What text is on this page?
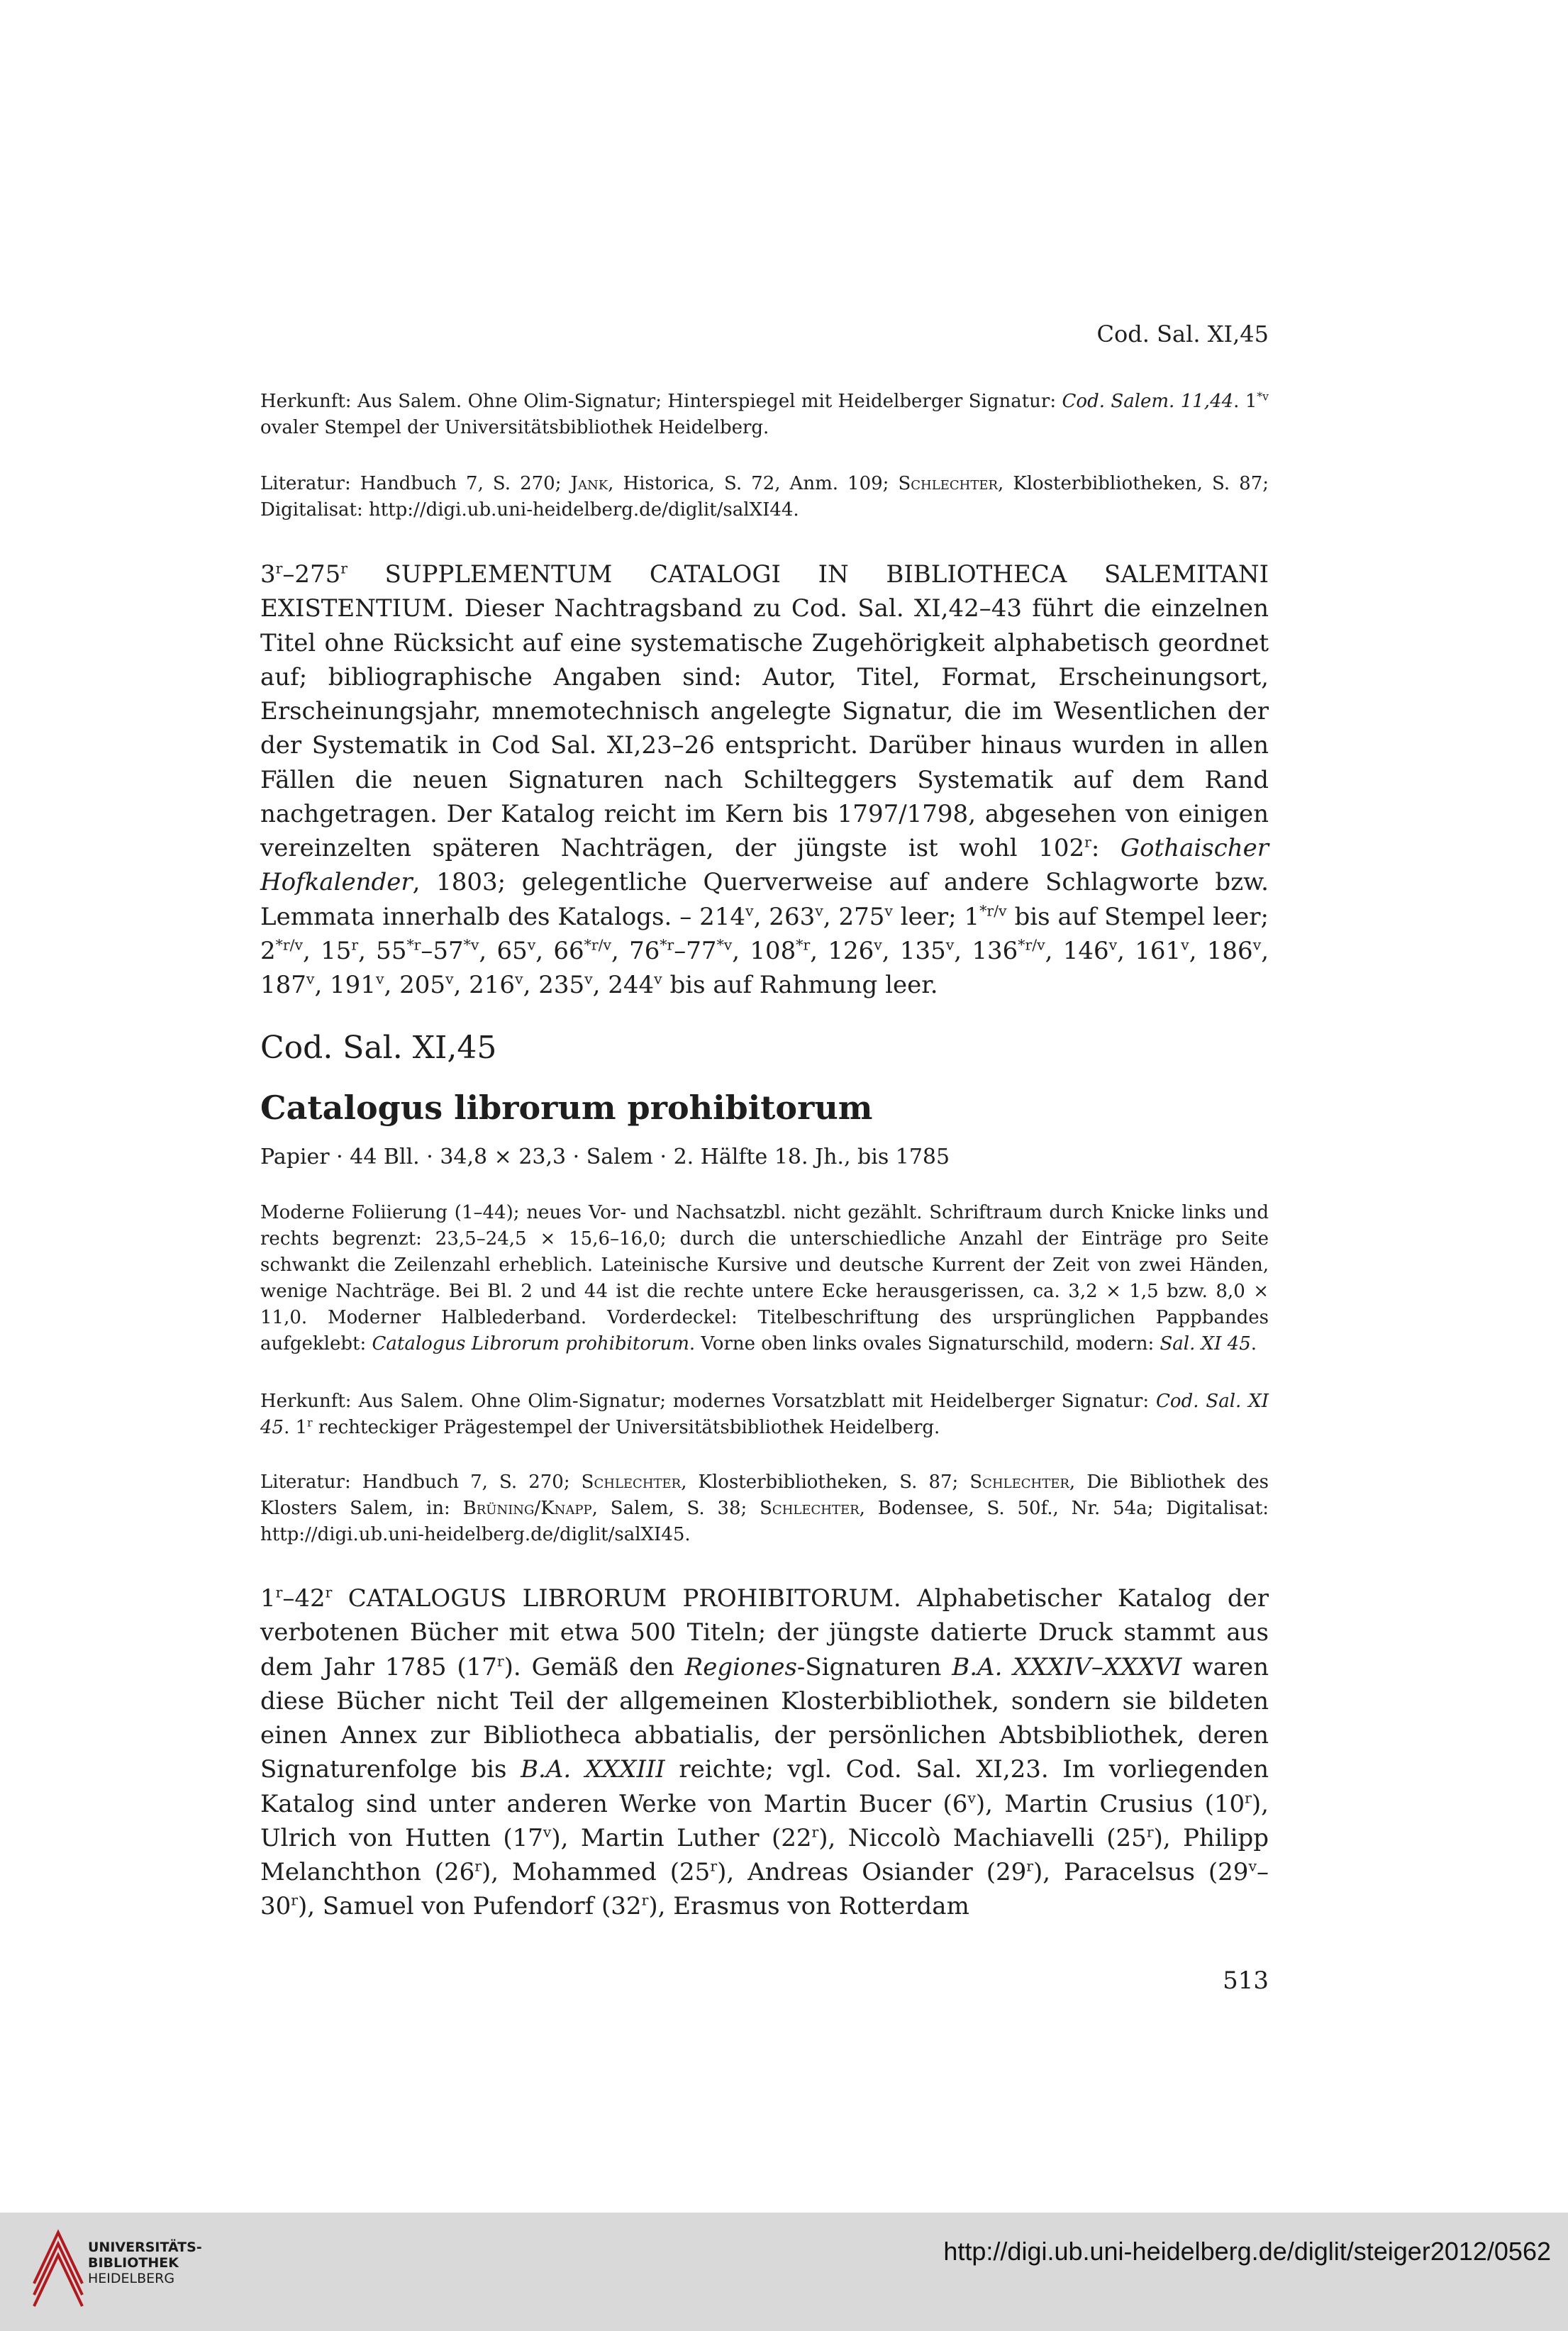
Cod. Sal. XI,45

Herkunft: Aus Salem. Ohne Olim-Signatur; Hinterspiegel mit Heidelberger Signatur: Cod. Salem. 11,44. 1$^{*v}$ ovaler Stempel der Universitätsbibliothek Heidelberg.

Literatur: Handbuch 7, S. 270; Jank, Historica, S. 72, Anm. 109; Schlechter, Klosterbibliotheken, S. 87; Digitalisat: http://digi.ub.uni-heidelberg.de/diglit/salXI44.

3$^r$–275$^r$ SUPPLEMENTUM CATALOGI IN BIBLIOTHECA SALEMITANI EXISTENTIUM. Dieser Nachtragsband zu Cod. Sal. XI,42–43 führt die einzelnen Titel ohne Rücksicht auf eine systematische Zugehörigkeit alphabetisch geordnet auf; bibliographische Angaben sind: Autor, Titel, Format, Erscheinungsort, Erscheinungsjahr, mnemotechnisch angelegte Signatur, die im Wesentlichen der der Systematik in Cod Sal. XI,23–26 entspricht. Darüber hinaus wurden in allen Fällen die neuen Signaturen nach Schilteggers Systematik auf dem Rand nachgetragen. Der Katalog reicht im Kern bis 1797/1798, abgesehen von einigen vereinzelten späteren Nachträgen, der jüngste ist wohl 102$^r$: Gothaischer Hofkalender, 1803; gelegentliche Querverweise auf andere Schlagworte bzw. Lemmata innerhalb des Katalogs. – 214$^v$, 263$^v$, 275$^v$ leer; $1^{*r/v}$ bis auf Stempel leer; $2^{*r/v}$, 15$^r$, 55$^{*r}$–57$^{*v}$, 65$^v$, $66^{*r/v}$, 76$^{*r}$–77$^{*v}$, 108$^{*r}$, 126$^v$, 135$^v$, $136^{*r/v}$, 146$^v$, 161$^v$, 186$^v$, 187$^v$, 191$^v$, 205$^v$, 216$^v$, 235$^v$, 244$^v$ bis auf Rahmung leer.

Cod. Sal. XI,45
Catalogus librorum prohibitorum

Papier · 44 Bll. · 34,8 × 23,3 · Salem · 2. Hälfte 18. Jh., bis 1785

Moderne Foliierung (1–44); neues Vor- und Nachsatzbl. nicht gezählt. Schriftraum durch Knicke links und rechts begrenzt: 23,5–24,5 × 15,6–16,0; durch die unterschiedliche Anzahl der Einträge pro Seite schwankt die Zeilenzahl erheblich. Lateinische Kursive und deutsche Kurrent der Zeit von zwei Händen, wenige Nachträge. Bei Bl. 2 und 44 ist die rechte untere Ecke herausgerissen, ca. 3,2 × 1,5 bzw. 8,0 × 11,0. Moderner Halblederband. Vorderdeckel: Titelbeschriftung des ursprünglichen Pappbandes aufgeklebt: Catalogus Librorum prohibitorum. Vorne oben links ovales Signaturschild, modern: Sal. XI 45.

Herkunft: Aus Salem. Ohne Olim-Signatur; modernes Vorsatzblatt mit Heidelberger Signatur: Cod. Sal. XI 45. 1$^r$ rechteckiger Prägestempel der Universitätsbibliothek Heidelberg.

Literatur: Handbuch 7, S. 270; Schlechter, Klosterbibliotheken, S. 87; Schlechter, Die Bibliothek des Klosters Salem, in: Brüning/Knapp, Salem, S. 38; Schlechter, Bodensee, S. 50f., Nr. 54a; Digitalisat: http://digi.ub.uni-heidelberg.de/diglit/salXI45.

1$^r$–42$^r$ CATALOGUS LIBRORUM PROHIBITORUM. Alphabetischer Katalog der verbotenen Bücher mit etwa 500 Titeln; der jüngste datierte Druck stammt aus dem Jahr 1785 (17$^r$). Gemäß den Regiones-Signaturen B.A. XXXIV–XXXVI waren diese Bücher nicht Teil der allgemeinen Klosterbibliothek, sondern sie bildeten einen Annex zur Bibliotheca abbatialis, der persönlichen Abtsbibliothek, deren Signaturenfolge bis B.A. XXXIII reichte; vgl. Cod. Sal. XI,23. Im vorliegenden Katalog sind unter anderen Werke von Martin Bucer (6$^v$), Martin Crusius (10$^r$), Ulrich von Hutten (17$^v$), Martin Luther (22$^r$), Niccolò Machiavelli (25$^r$), Philipp Melanchthon (26$^r$), Mohammed (25$^r$), Andreas Osiander (29$^r$), Paracelsus (29$^v$–30$^r$), Samuel von Pufendorf (32$^r$), Erasmus von Rotterdam

513
UNIVERSITÄTS-
BIBLIOTHEK
HEIDELBERG
http://digi.ub.uni-heidelberg.de/diglit/steiger2012/0562
